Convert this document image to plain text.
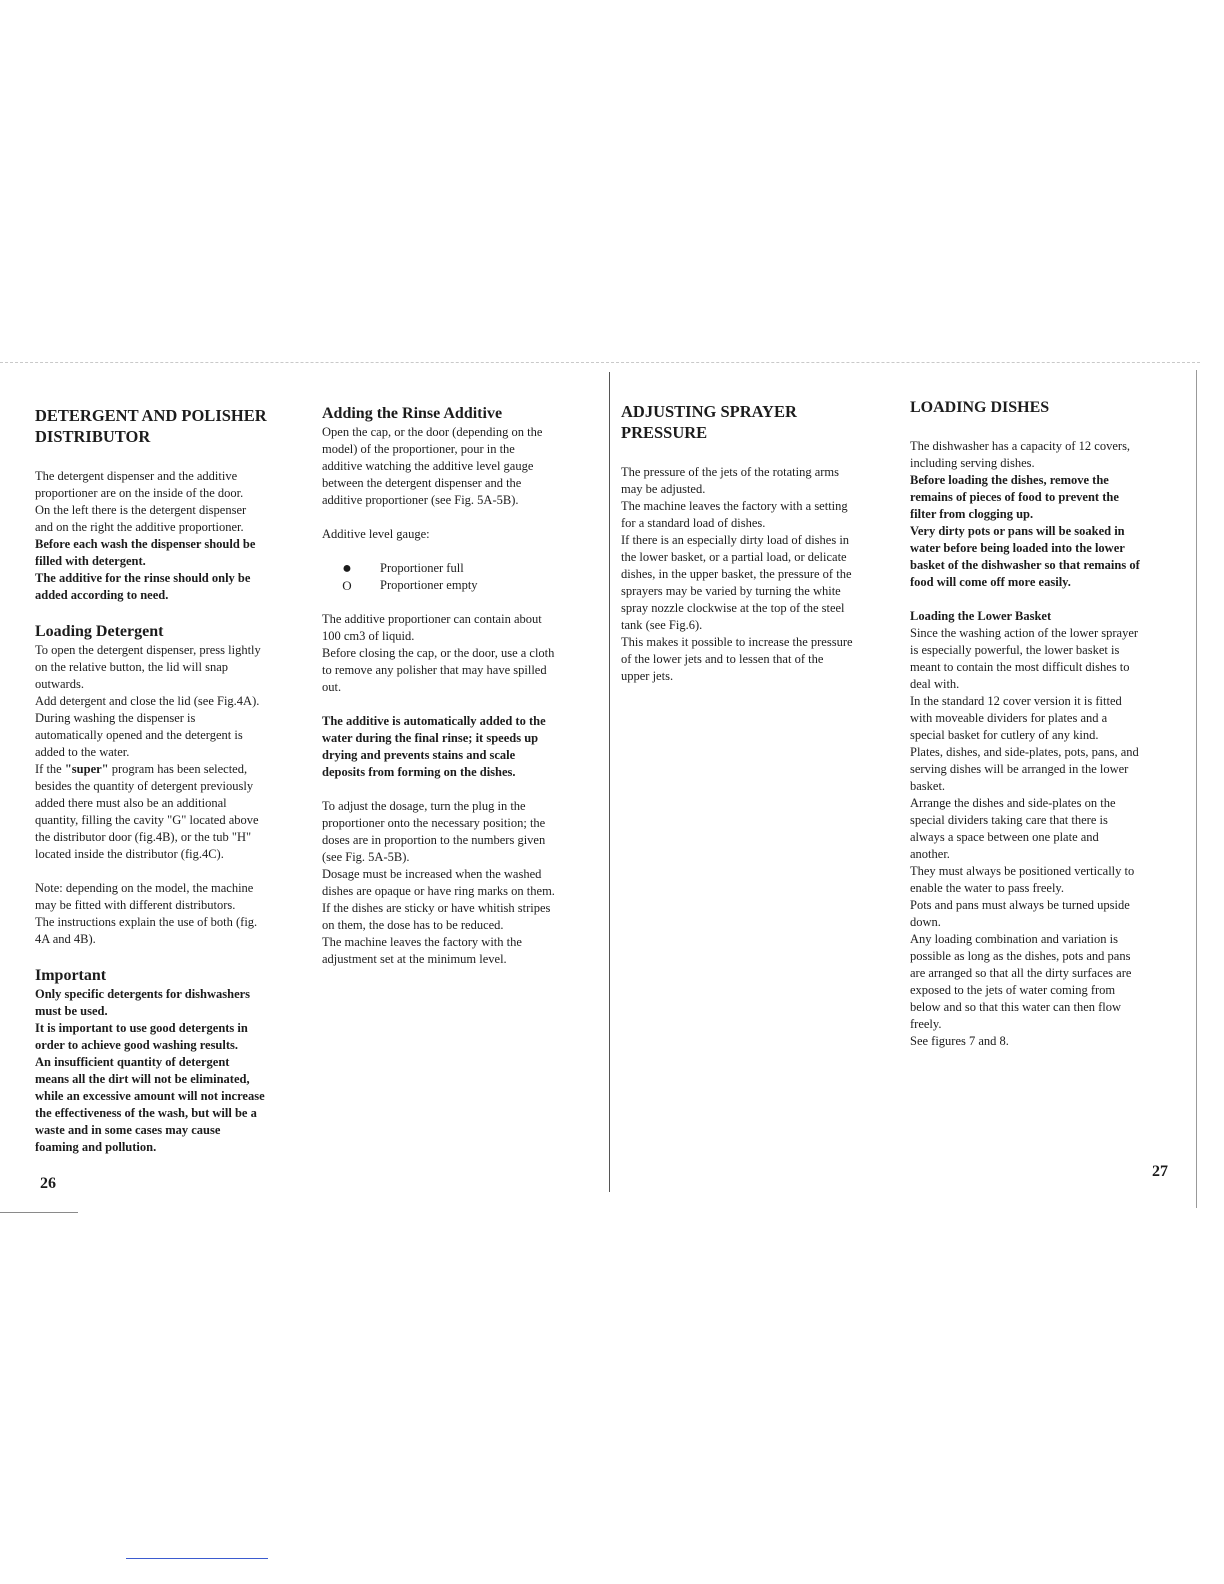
DETERGENT AND POLISHER
DISTRIBUTOR

The detergent dispenser and the additive

proportioner are on the inside of the door.

On the left there is the detergent dispenser

and on the right the additive proportioner.

Before each wash the dispenser should be

filled with detergent.

The additive for the rinse should only be

added according to need.

Loading Detergent

To open the detergent dispenser, press lightly

on the relative button, the lid will snap

outwards.

Add detergent and close the lid (see Fig.4A).

During washing the dispenser is

automatically opened and the detergent is

added to the water.

If the "super" program has been selected,

besides the quantity of detergent previously

added there must also be an additional

quantity, filling the cavity "G" located above

the distributor door (fig.4B), or the tub "H"

located inside the distributor (fig.4C).

Note: depending on the model, the machine

may be fitted with different distributors.

The instructions explain the use of both (fig.

4A and 4B).

Important

Only specific detergents for dishwashers

must be used.

It is important to use good detergents in

order to achieve good washing results.

An insufficient quantity of detergent

means all the dirt will not be eliminated,

while an excessive amount will not increase

the effectiveness of the wash, but will be a

waste and in some cases may cause

foaming and pollution.

Adding the Rinse Additive

Open the cap, or the door (depending on the

model) of the proportioner, pour in the

additive watching the additive level gauge

between the detergent dispenser and the

additive proportioner (see Fig. 5A-5B).

Additive level gauge:

●	Proportioner full
O	Proportioner empty

The additive proportioner can contain about

100 cm3 of liquid.

Before closing the cap, or the door, use a cloth

to remove any polisher that may have spilled

out.

The additive is automatically added to the

water during the final rinse; it speeds up

drying and prevents stains and scale

deposits from forming on the dishes.

To adjust the dosage, turn the plug in the

proportioner onto the necessary position; the

doses are in proportion to the numbers given

(see Fig. 5A-5B).

Dosage must be increased when the washed

dishes are opaque or have ring marks on them.

If the dishes are sticky or have whitish stripes

on them, the dose has to be reduced.

The machine leaves the factory with the

adjustment set at the minimum level.

ADJUSTING SPRAYER
PRESSURE

The pressure of the jets of the rotating arms

may be adjusted.

The machine leaves the factory with a setting

for a standard load of dishes.

If there is an especially dirty load of dishes in

the lower basket, or a partial load, or delicate

dishes, in the upper basket, the pressure of the

sprayers may be varied by turning the white

spray nozzle clockwise at the top of the steel

tank (see Fig.6).

This makes it possible to increase the pressure

of the lower jets and to lessen that of the

upper jets.

LOADING DISHES

The dishwasher has a capacity of 12 covers,

including serving dishes.

Before loading the dishes, remove the

remains of pieces of food to prevent the

filter from clogging up.

Very dirty pots or pans will be soaked in

water before being loaded into the lower

basket of the dishwasher so that remains of

food will come off more easily.

Loading the Lower Basket

Since the washing action of the lower sprayer

is especially powerful, the lower basket is

meant to contain the most difficult dishes to

deal with.

In the standard 12 cover version it is fitted

with moveable dividers for plates and a

special basket for cutlery of any kind.

Plates, dishes, and side-plates, pots, pans, and

serving dishes will be arranged in the lower

basket.

Arrange the dishes and side-plates on the

special dividers taking care that there is

always a space between one plate and

another.

They must always be positioned vertically to

enable the water to pass freely.

Pots and pans must always be turned upside

down.

Any loading combination and variation is

possible as long as the dishes, pots and pans

are arranged so that all the dirty surfaces are

exposed to the jets of water coming from

below and so that this water can then flow

freely.

See figures 7 and 8.

26
27
